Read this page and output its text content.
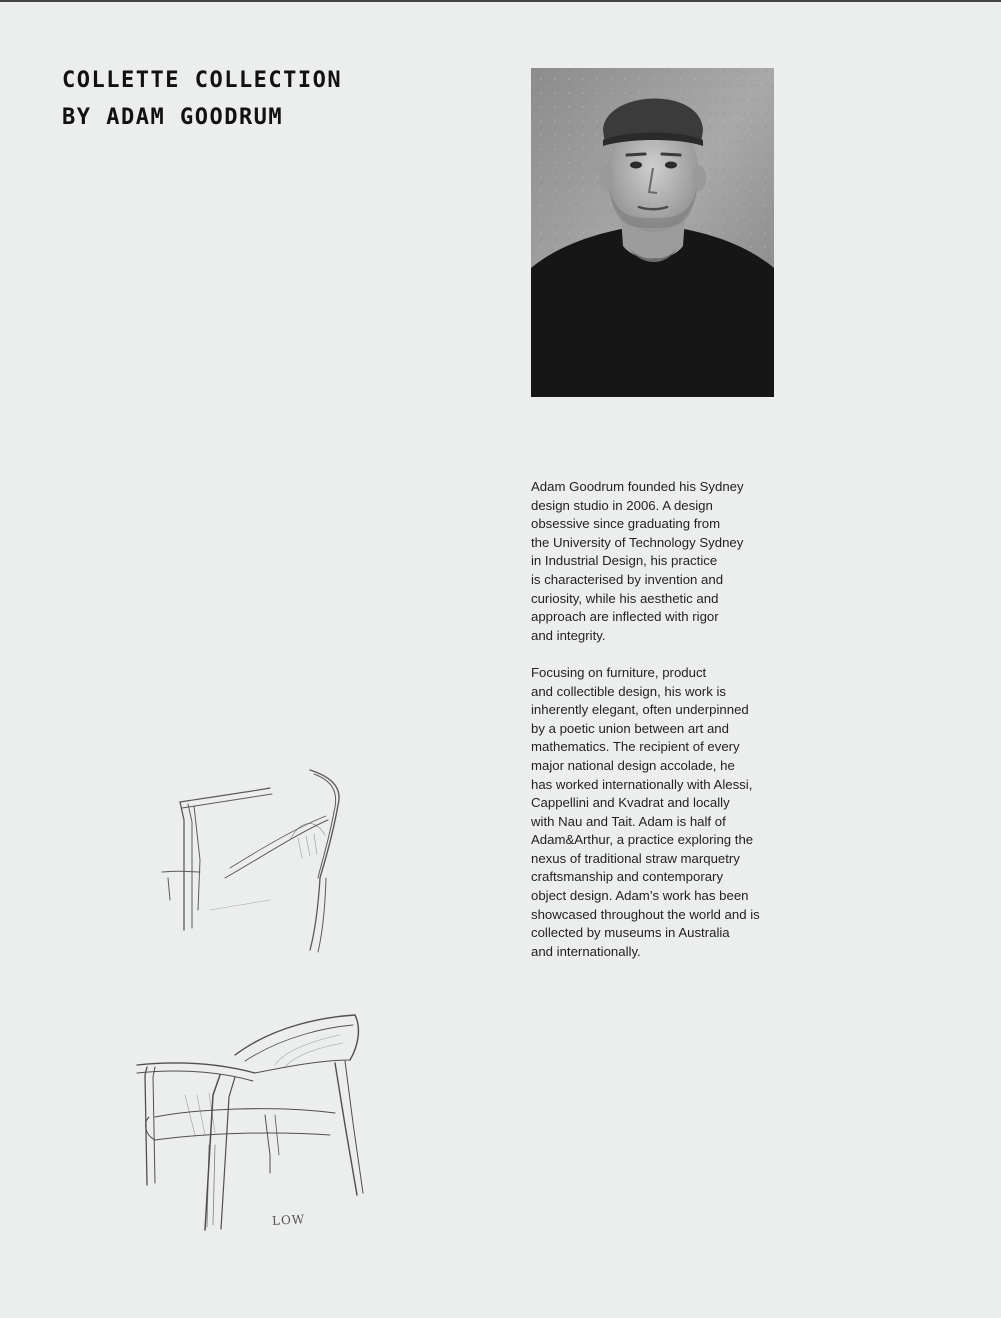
COLLETTE COLLECTION
BY ADAM GOODRUM

Adam Goodrum founded his Sydney
design studio in 2006. A design
obsessive since graduating from
the University of Technology Sydney
in Industrial Design, his practice
is characterised by invention and
curiosity, while his aesthetic and
approach are inflected with rigor
and integrity.

Focusing on furniture, product
and collectible design, his work is
inherently elegant, often underpinned
by a poetic union between art and
mathematics. The recipient of every
major national design accolade, he
has worked internationally with Alessi,
Cappellini and Kvadrat and locally
with Nau and Tait. Adam is half of
Adam&Arthur, a practice exploring the
nexus of traditional straw marquetry
craftsmanship and contemporary
object design. Adam’s work has been
showcased throughout the world and is
collected by museums in Australia
and internationally.

LOW
